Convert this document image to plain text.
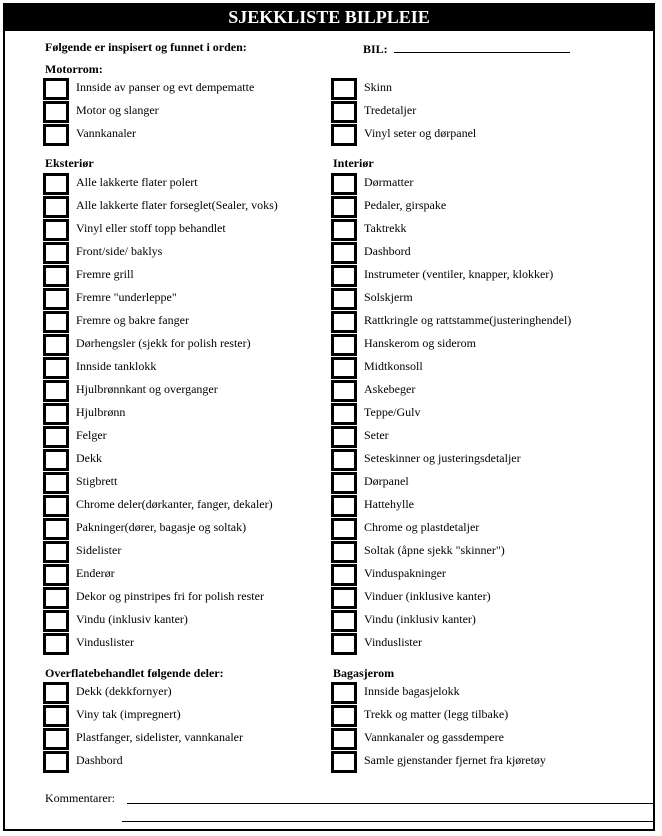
SJEKKLISTE BILPLEIE
Følgende er inspisert og funnet i orden:	BIL:
Motorrom:
Innside av panser og evt dempematte
Motor og slanger
Vannkanaler
Skinn
Tredetaljer
Vinyl seter og dørpanel
Eksteriør	Interiør
Alle lakkerte flater polert
Alle lakkerte flater forseglet(Sealer, voks)
Vinyl eller stoff topp behandlet
Front/side/ baklys
Fremre grill
Fremre "underleppe"
Fremre og bakre fanger
Dørhengsler (sjekk for polish rester)
Innside tanklokk
Hjulbrønnkant og overganger
Hjulbrønn
Felger
Dekk
Stigbrett
Chrome deler(dørkanter, fanger, dekaler)
Pakninger(dører, bagasje og soltak)
Sidelister
Enderør
Dekor og pinstripes fri for polish rester
Vindu (inklusiv kanter)
Vinduslister
Dørmatter
Pedaler, girspake
Taktrekk
Dashbord
Instrumeter (ventiler, knapper, klokker)
Solskjerm
Rattkringle og rattstamme(justeringhendel)
Hanskerom og siderom
Midtkonsoll
Askebeger
Teppe/Gulv
Seter
Seteskinner og justeringsdetaljer
Dørpanel
Hattehylle
Chrome og plastdetaljer
Soltak (åpne sjekk "skinner")
Vinduspakninger
Vinduer (inklusive kanter)
Vindu (inklusiv kanter)
Vinduslister
Overflatebehandlet følgende deler:	Bagasjerom
Dekk (dekkfornyer)
Viny tak (impregnert)
Plastfanger, sidelister, vannkanaler
Dashbord
Innside bagasjelokk
Trekk og matter (legg tilbake)
Vannkanaler og gassdempere
Samle gjenstander fjernet fra kjøretøy
Kommentarer:
